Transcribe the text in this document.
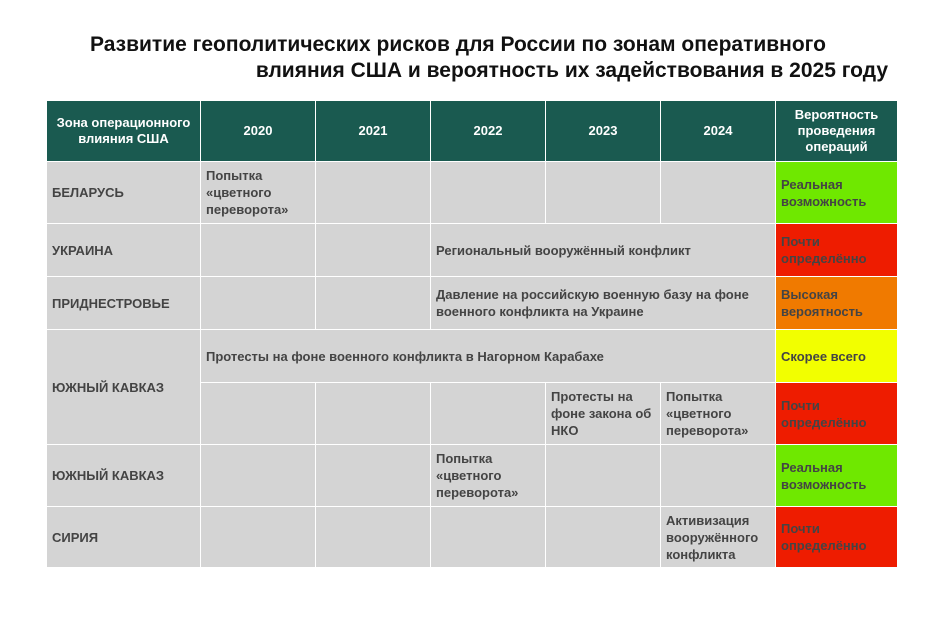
Развитие геополитических рисков для России по зонам оперативного
влияния США и вероятность их задействования в 2025 году
Зона операционного влияния США	2020	2021	2022	2023	2024	Вероятность проведения операций
БЕЛАРУСЬ	Попытка «цветного переворота»					Реальная возможность
УКРАИНА			Региональный вооружённый конфликт			Почти определённо
ПРИДНЕСТРОВЬЕ			Давление на российскую военную базу на фоне военного конфликта на Украине			Высокая вероятность
ЮЖНЫЙ КАВКАЗ	Протесты на фоне военного конфликта в Нагорном Карабахе					Скорее всего
				Протесты на фоне закона об НКО	Попытка «цветного переворота»	Почти определённо
ЮЖНЫЙ КАВКАЗ			Попытка «цветного переворота»			Реальная возможность
СИРИЯ					Активизация вооружённого конфликта	Почти определённо
